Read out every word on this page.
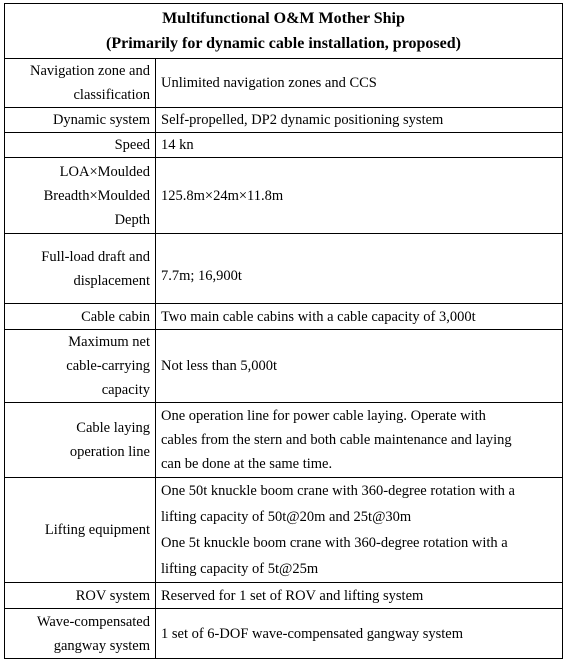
Multifunctional O&M Mother Ship
(Primarily for dynamic cable installation, proposed)	

Navigation zone and
classification	Unlimited navigation zones and CCS

Dynamic system	Self-propelled, DP2 dynamic positioning system

Speed	14 kn

LOA×Moulded
Breadth×Moulded
Depth	125.8m×24m×11.8m

Full-load draft and
displacement	7.7m; 16,900t

Cable cabin	Two main cable cabins with a cable capacity of 3,000t

Maximum net
cable-carrying
capacity	Not less than 5,000t

Cable laying
operation line	One operation line for power cable laying. Operate with
cables from the stern and both cable maintenance and laying
can be done at the same time.

Lifting equipment	One 50t knuckle boom crane with 360-degree rotation with a
lifting capacity of 50t@20m and 25t@30m
One 5t knuckle boom crane with 360-degree rotation with a
lifting capacity of 5t@25m

ROV system	Reserved for 1 set of ROV and lifting system

Wave-compensated
gangway system	1 set of 6-DOF wave-compensated gangway system
